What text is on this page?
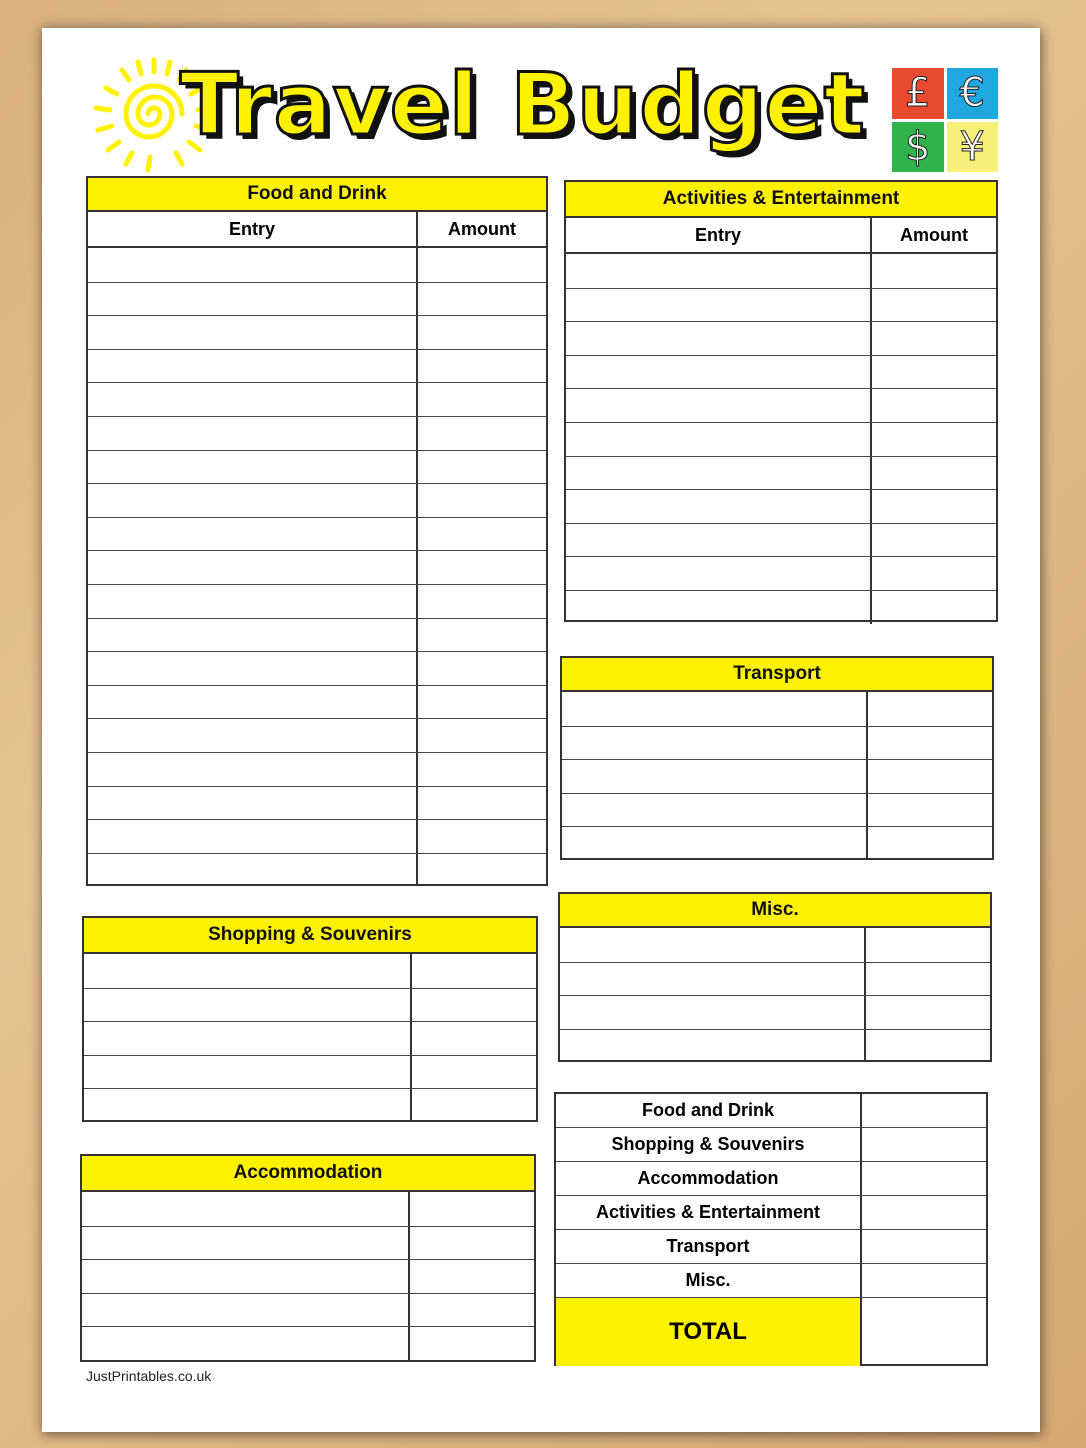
Travel Budget £ €
$ ¥
Food and Drink
Entry	Amount
Activities & Entertainment
Entry	Amount
Transport
Misc.
Shopping & Souvenirs
Accommodation
Food and Drink
Shopping & Souvenirs
Accommodation
Activities & Entertainment
Transport
Misc.
TOTAL
JustPrintables.co.uk
